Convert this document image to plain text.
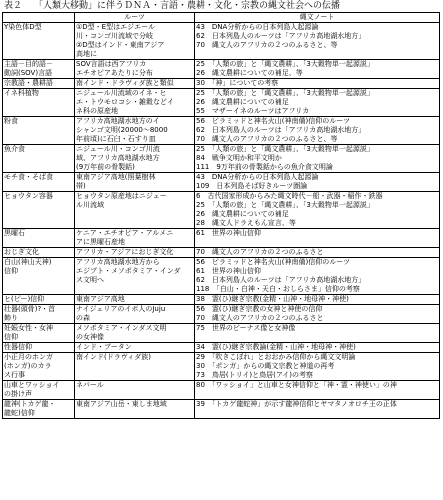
表２ 「人類大移動」に伴うＤＮＡ・言語・農耕・文化・宗教の縄文社会への伝播
	ルーツ	縄文ノート

Y染色体D型	①D型・E型はエジエール
川・コンゴ川流域で分岐
②D型はインド・東南アジア
高地に	43　DNA分析からの日本列島人起源論
62　日本列島人のルーツは「アフリカ高地湖水地方」
70　縄文人のアフリカの２つのふるさと、等

主語－目的語－
動詞(SOV)言語	SOV言語は西アフリカ
エチオピアあたりに分布	25　「人類の旅」と「縄文農耕」、「3大穀物単一起源説」
26　縄文農耕についての補足、等

宗教語・農耕語	南インド・ドラヴィダ族と類似	30　「神」についての考察

イネ科植物	ニジェール川流域のイネ・ヒ
エ・トウモロコシ・雑穀などイ
ネ科の原産地	25　「人類の旅」と「縄文農耕」、「3大穀物単一起源説」
26　縄文農耕についての補足
55　マザーイネのルーツはアフリカ

粉食	アフリカ高地湖水地方のイ
シャンゴ文明(20000～8000
年前頃)に石臼・石すり皿	56　ピラミッドと神名火山(神南備)信仰のルーツ
62　日本列島人のルーツは「アフリカ高地湖水地方」
70　縄文人のアフリカの２つのふるさと、等

魚介食	ニジェール川・コンゴ川流
域、アフリカ高地湖水地方
(9万年前の骨製銛)	25　「人類の旅」と「縄文農耕」、「3大穀物単一起源説」
84　戦争文明か和平文明か
111　9万年前の骨製銛からの魚介食文明論

モチ食・そば食	東南アジア高地(照葉樹林
帯)	43　DNA分析からの日本列島人起源論
109　日本列島そば好きルーツ圏論

ヒョウタン容器	ヒョウタン原産地はニジェー
ル川流域	6　古代国家形成からみた縄文時代－船・武器・稲作・鉄器
25　「人類の旅」と「縄文農耕」、「3大穀物単一起源説」
26　縄文農耕についての補足
28　縄文人ドラえもん宣言、等

黒曜石	ケニア・エチオピア・アルメニ
アに黒曜石産地	61　世界の神山信仰

おじぎ文化	アフリカ・アジアにおじぎ文化	70　縄文人のアフリカの２つのふるさと

白山(神山天神)
信仰	アフリカ高地湖水地方から
エジプト・メソポタミア・インダ
ス文明へ	56　ピラミッドと神名火山(神南備)信仰のルーツ
61　世界の神山信仰
62　日本列島人のルーツは「アフリカ高地湖水地方」
118　「白山・白神・天白・おしらさま」信仰の考察

ヒ(ピー)信仰	東南アジア高地	38　霊(ひ)継ぎ宗教(金精・山神・地母神・神使)

壮器(頭骨)?・首
飾り	ナイジェリアのイボ人のJuju
の森	56　霊(ひ)継ぎ宗教の女神と神使の信仰
70　縄文人のアフリカの２つのふるさと

妊娠女性・女神
信仰	メソポタミア・インダス文明
の女神像	75　世界のビーナス像と女神像

性器信仰	インド・ブータン	34　霊(ひ)継ぎ宗教論(金精・山神・地母神・神使)

小正月のホンガ
(ホンガ)のカラ
ス行事	南インド(ドラヴィダ族)	29　「吹きこぼれ」とおおかみ信仰から縄文文明論
30　「ポンガ」からの縄文宗教と神道の再考
73　鳥居(トリイ)と鳥居(アイ)の考察

山車とワッショイ
の掛け声	ネパール	80　「ワッショイ」と山車と女神信仰と「神・霊・神使い」の神

龍神(トカゲ龍・
龍蛇)信仰	東南アジア山岳・東しま地域	39　「トカゲ龍蛇神」が示す龍神信仰とヤマタノオロチ王の正体
